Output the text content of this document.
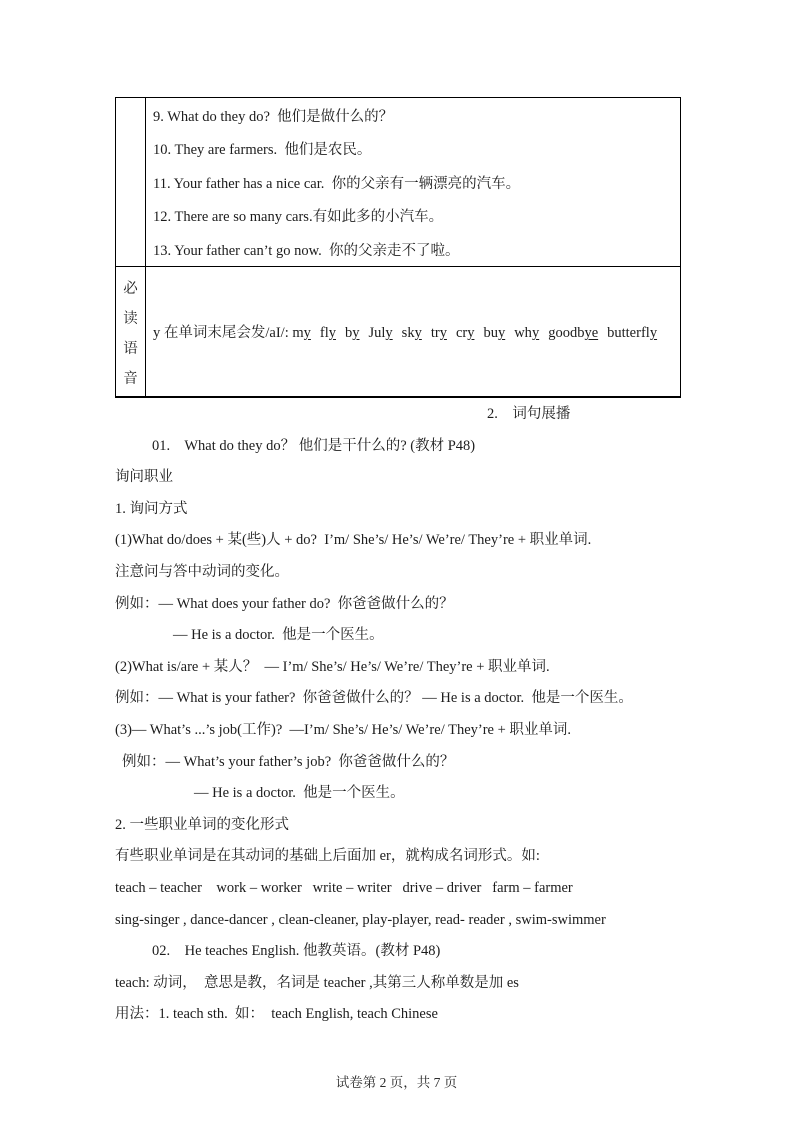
9. What do they do?  他们是做什么的？
10. They are farmers.  他们是农民。
11. Your father has a nice car.  你的父亲有一辆漂亮的汽车。
12. There are so many cars.有如此多的小汽车。
13. Your father can’t go now.  你的父亲走不了啦。
必
读
语
音
y 在单词末尾会发/aI/: my fly by July sky try cry buy why goodbye butterfly

2.    词句展播

01.    What do they do？ 他们是干什么的? (教材 P48)

询问职业

1. 询问方式

(1)What do/does + 某(些)人 + do?  I’m/ She’s/ He’s/ We’re/ They’re + 职业单词.

注意问与答中动词的变化。

例如：— What does your father do?  你爸爸做什么的？

— He is a doctor.  他是一个医生。

(2)What is/are + 某人？  — I’m/ She’s/ He’s/ We’re/ They’re + 职业单词.

例如：— What is your father?  你爸爸做什么的？ — He is a doctor.  他是一个医生。

(3)— What’s ...’s job(工作)?  —I’m/ She’s/ He’s/ We’re/ They’re + 职业单词.

例如：— What’s your father’s job?  你爸爸做什么的？

— He is a doctor.  他是一个医生。

2. 一些职业单词的变化形式

有些职业单词是在其动词的基础上后面加 er，就构成名词形式。如:

teach – teacher    work – worker   write – writer   drive – driver   farm – farmer

sing-singer , dance-dancer , clean-cleaner, play-player, read- reader , swim-swimmer

02.    He teaches English. 他教英语。(教材 P48)

teach: 动词，  意思是教，名词是 teacher ,其第三人称单数是加 es

用法：1. teach sth.  如：  teach English, teach Chinese

试卷第 2 页，共 7 页
